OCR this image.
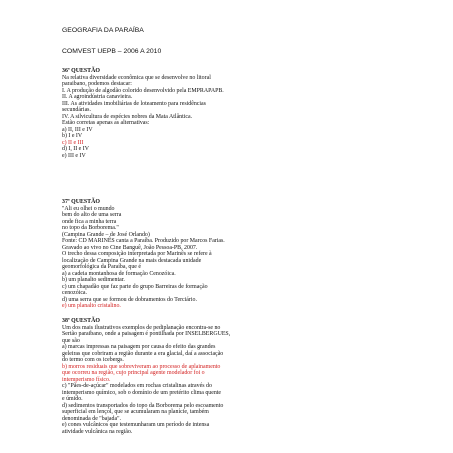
GEOGRAFIA DA PARAÍBA
COMVEST UEPB – 2006 A 2010
36ª QUESTÃO
Na relativa diversidade econômica que se desenvolve no litoral
paraibano, podemos destacar:
I. A produção de algodão colorido desenvolvido pela EMPRAPAPB.
II. A agroindústria canavieira.
III. As atividades imobiliárias de loteamento para residências
secundárias.
IV. A silvicultura de espécies nobres da Mata Atlântica.
Estão corretas apenas as alternativas:
a) II, III e IV
b) I e IV
c) II e III
d) I, II e IV
e) III e IV
37ª QUESTÃO
"Ali eu olhei o mundo
bem do alto de uma serra
onde fica a minha terra
no topo da Borborema."
(Campina Grande – de José Orlando)
Fonte: CD MARINÊS canta a Paraíba. Produzido por Marcos Farias.
Gravado ao vivo no Cine Banguê, João Pessoa-PB, 2007.
O trecho dessa composição interpretada por Marinês se refere à
localização de Campina Grande na mais destacada unidade
geomorfológica da Paraíba, que é
a) a cadeia montanhosa de formação Cenozóica.
b) um planalto sedimentar.
c) um chapadão que faz parte do grupo Barreiras de formação
cenozóica.
d) uma serra que se formou de dobramentos do Terciário.
e) um planalto cristalino.
38ª QUESTÃO
Um dos mais ilustrativos exemplos de pediplanação encontra-se no
Sertão paraibano, onde a paisagem é pontilhada por INSELBERGUES,
que são
a) marcas impressas na paisagem por causa do efeito das grandes
geleiras que cobriram a região durante a era glacial, daí a associação
do termo com os icebergs.
b) morros residuais que sobreviveram ao processo de aplainamento
que ocorreu na região, cujo principal agente modelador foi o
intemperismo físico.
c) "Pães-de-açúcar" modelados em rochas cristalinas através do
intemperismo químico, sob o domínio de um pretérito clima quente
e úmido.
d) sedimentos transportados do topo da Borborema pelo escoamento
superficial em lençol, que se acumularam na planície, também
denominada de "bajada".
e) cones vulcânicos que testemunharam um período de intensa
atividade vulcânica na região.
